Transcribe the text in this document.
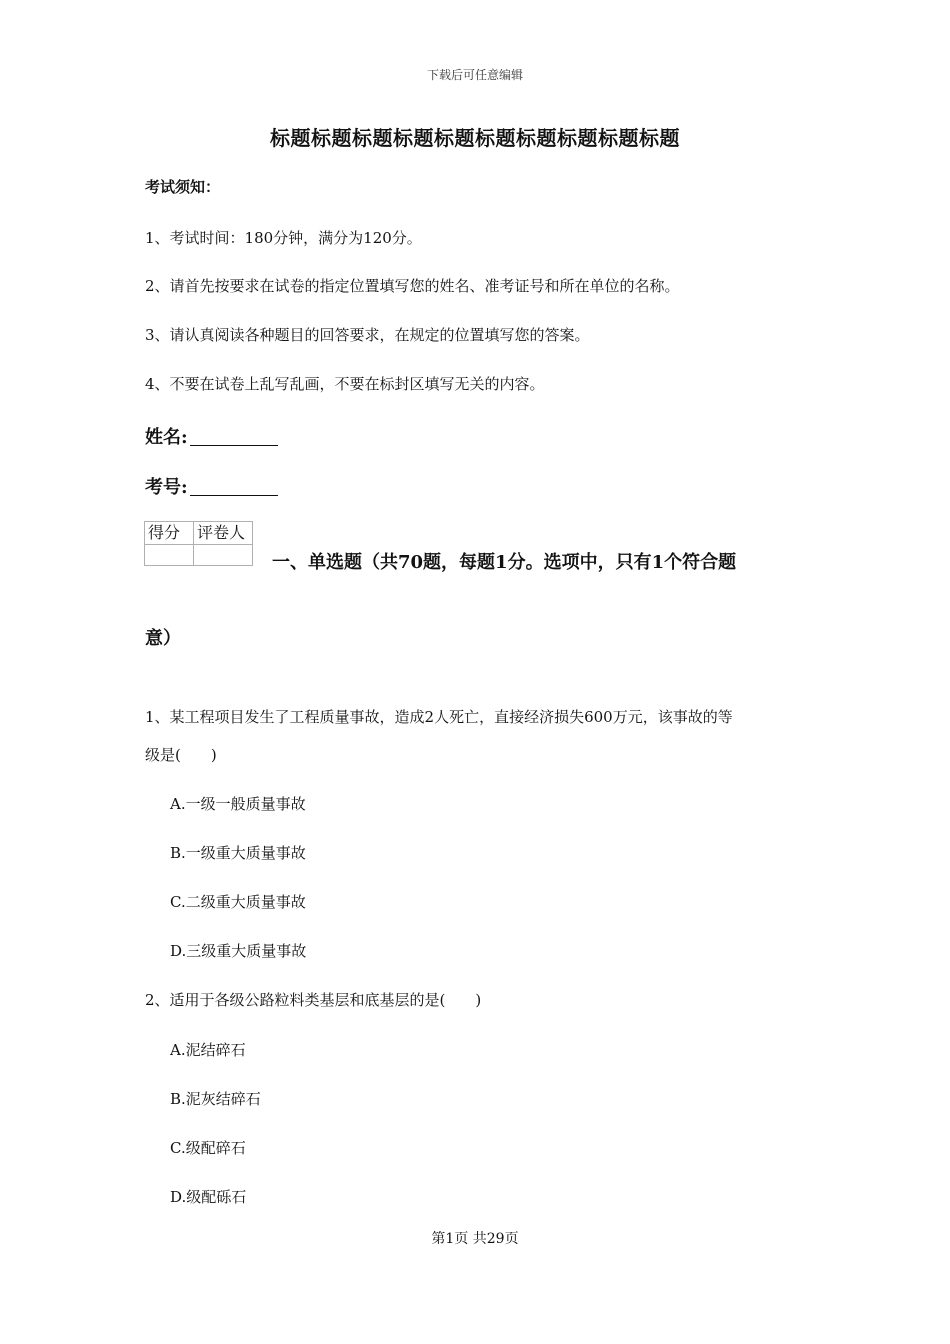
下载后可任意编辑
标题标题标题标题标题标题标题标题标题标题
考试须知：
1、考试时间：180分钟，满分为120分。
2、请首先按要求在试卷的指定位置填写您的姓名、准考证号和所在单位的名称。
3、请认真阅读各种题目的回答要求，在规定的位置填写您的答案。
4、不要在试卷上乱写乱画，不要在标封区填写无关的内容。
姓名:
考号:
得分	评卷人

一、单选题（共70题，每题1分。选项中，只有1个符合题
意）
1、某工程项目发生了工程质量事故，造成2人死亡，直接经济损失600万元，该事故的等
级是(　　)
A.一级一般质量事故
B.一级重大质量事故
C.二级重大质量事故
D.三级重大质量事故
2、适用于各级公路粒料类基层和底基层的是(　　)
A.泥结碎石
B.泥灰结碎石
C.级配碎石
D.级配砾石
第1页 共29页
